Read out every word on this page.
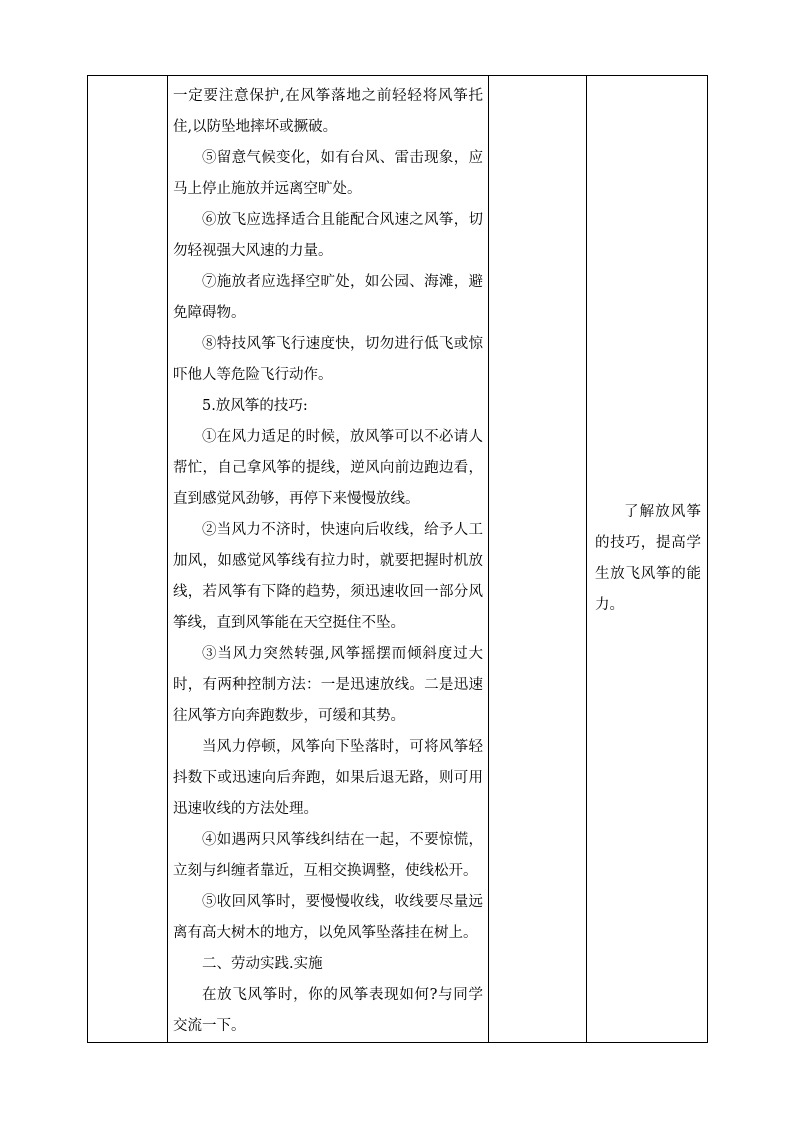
一定要注意保护,在风筝落地之前轻轻将风筝托住,以防坠地摔坏或撅破。

⑤留意气候变化，如有台风、雷击现象，应马上停止施放并远离空旷处。

⑥放飞应选择适合且能配合风速之风筝，切勿轻视强大风速的力量。

⑦施放者应选择空旷处，如公园、海滩，避免障碍物。

⑧特技风筝飞行速度快，切勿进行低飞或惊吓他人等危险飞行动作。

5.放风筝的技巧:

①在风力适足的时候，放风筝可以不必请人帮忙，自己拿风筝的提线，逆风向前边跑边看，直到感觉风劲够，再停下来慢慢放线。

②当风力不济时，快速向后收线，给予人工加风，如感觉风筝线有拉力时，就要把握时机放线，若风筝有下降的趋势，须迅速收回一部分风筝线，直到风筝能在天空挺住不坠。

③当风力突然转强,风筝摇摆而倾斜度过大时，有两种控制方法：一是迅速放线。二是迅速往风筝方向奔跑数步，可缓和其势。

当风力停顿，风筝向下坠落时，可将风筝轻抖数下或迅速向后奔跑，如果后退无路，则可用迅速收线的方法处理。

④如遇两只风筝线纠结在一起，不要惊慌，立刻与纠缠者靠近，互相交换调整，使线松开。

⑤收回风筝时，要慢慢收线，收线要尽量远离有高大树木的地方，以免风筝坠落挂在树上。

二、劳动实践.实施

在放飞风筝时，你的风筝表现如何?与同学交流一下。

了解放风筝的技巧，提高学生放飞风筝的能力。
